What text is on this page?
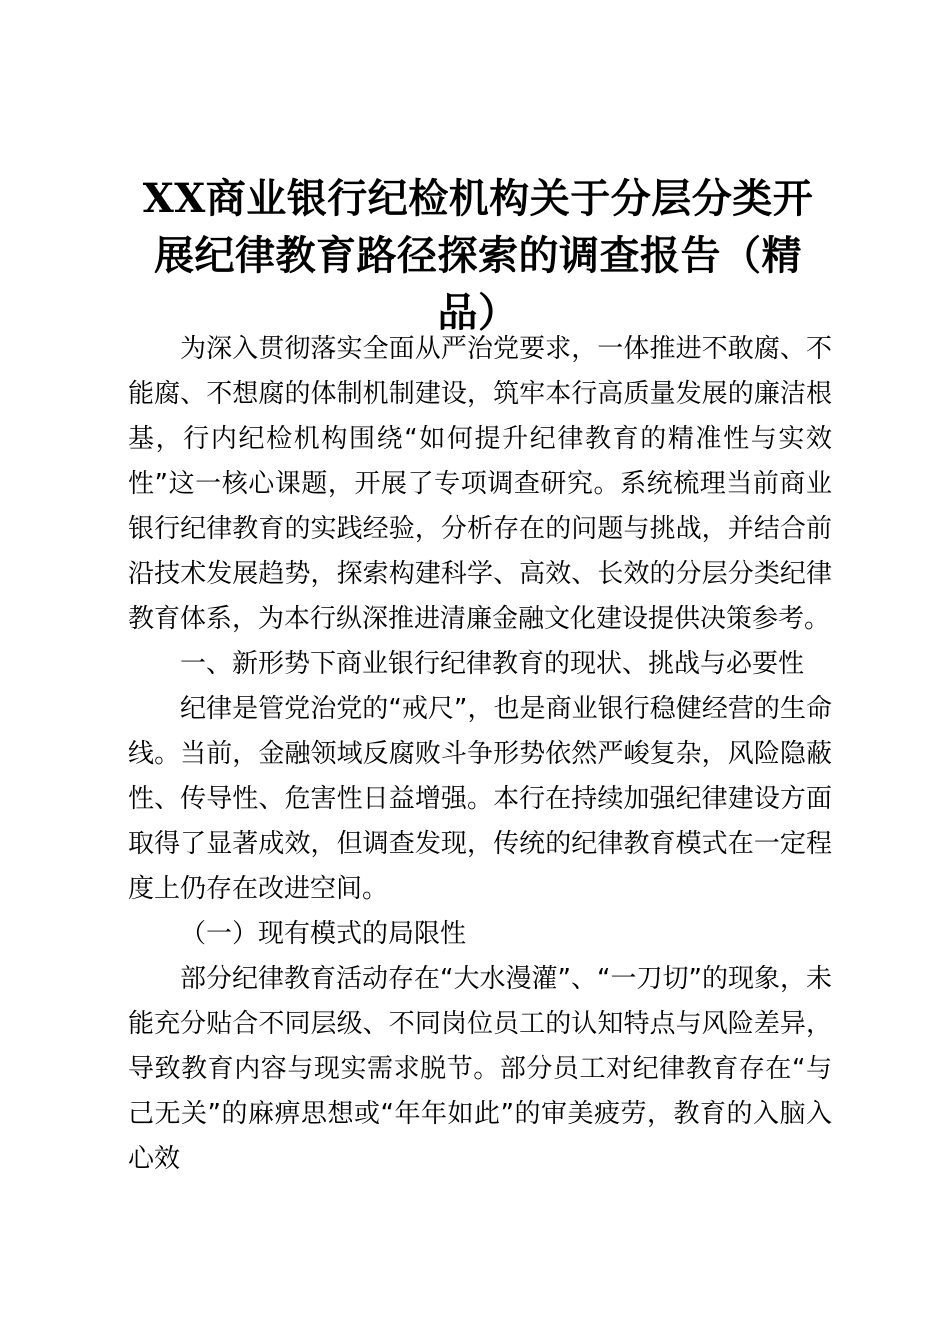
XX商业银行纪检机构关于分层分类开展纪律教育路径探索的调查报告（精品）

为深入贯彻落实全面从严治党要求，一体推进不敢腐、不能腐、不想腐的体制机制建设，筑牢本行高质量发展的廉洁根基，行内纪检机构围绕“如何提升纪律教育的精准性与实效性”这一核心课题，开展了专项调查研究。系统梳理当前商业银行纪律教育的实践经验，分析存在的问题与挑战，并结合前沿技术发展趋势，探索构建科学、高效、长效的分层分类纪律教育体系，为本行纵深推进清廉金融文化建设提供决策参考。

一、新形势下商业银行纪律教育的现状、挑战与必要性

纪律是管党治党的“戒尺”，也是商业银行稳健经营的生命线。当前，金融领域反腐败斗争形势依然严峻复杂，风险隐蔽性、传导性、危害性日益增强。本行在持续加强纪律建设方面取得了显著成效，但调查发现，传统的纪律教育模式在一定程度上仍存在改进空间。

（一）现有模式的局限性

部分纪律教育活动存在“大水漫灌”、“一刀切”的现象，未能充分贴合不同层级、不同岗位员工的认知特点与风险差异，导致教育内容与现实需求脱节。部分员工对纪律教育存在“与己无关”的麻痹思想或“年年如此”的审美疲劳，教育的入脑入心效
